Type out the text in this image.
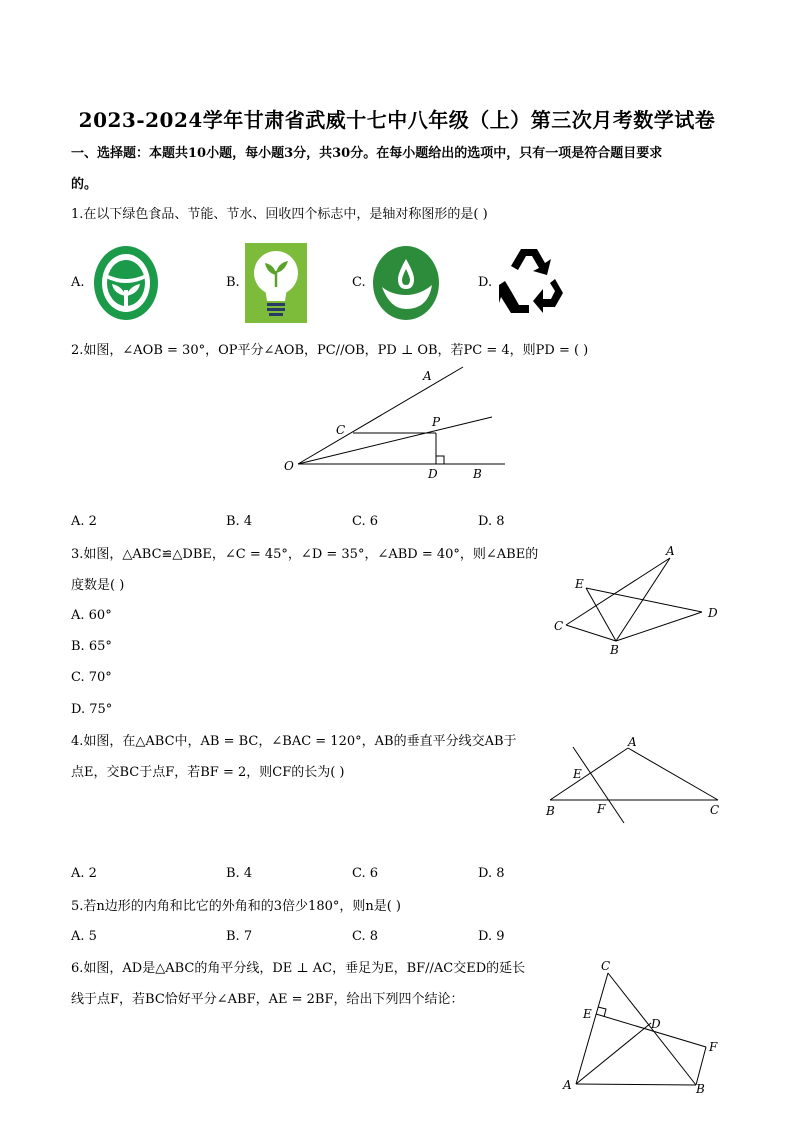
2023-2024学年甘肃省武威十七中八年级（上）第三次月考数学试卷
一、选择题：本题共10小题，每小题3分，共30分。在每小题给出的选项中，只有一项是符合题目要求
的。
1.在以下绿色食品、节能、节水、回收四个标志中，是轴对称图形的是( )
A.	B.	C.	D.
2.如图，∠AOB = 30°，OP平分∠AOB，PC//OB，PD ⊥ OB，若PC = 4，则PD = ( )
A
C
P
O
D	B
A. 2	B. 4	C. 6	D. 8
3.如图，△ABC≌△DBE，∠C = 45°，∠D = 35°，∠ABD = 40°，则∠ABE的
度数是( )
A. 60°
B. 65°
C. 70°
D. 75°
A
E
D
C
B
4.如图，在△ABC中，AB = BC，∠BAC = 120°，AB的垂直平分线交AB于
点E，交BC于点F，若BF = 2，则CF的长为( )
A
E
B	F	C
A. 2	B. 4	C. 6	D. 8
5.若n边形的内角和比它的外角和的3倍少180°，则n是( )
A. 5	B. 7	C. 8	D. 9
6.如图，AD是△ABC的角平分线，DE ⊥ AC，垂足为E，BF//AC交ED的延长
线于点F，若BC恰好平分∠ABF，AE = 2BF，给出下列四个结论：
C
E
D
F
A	B
